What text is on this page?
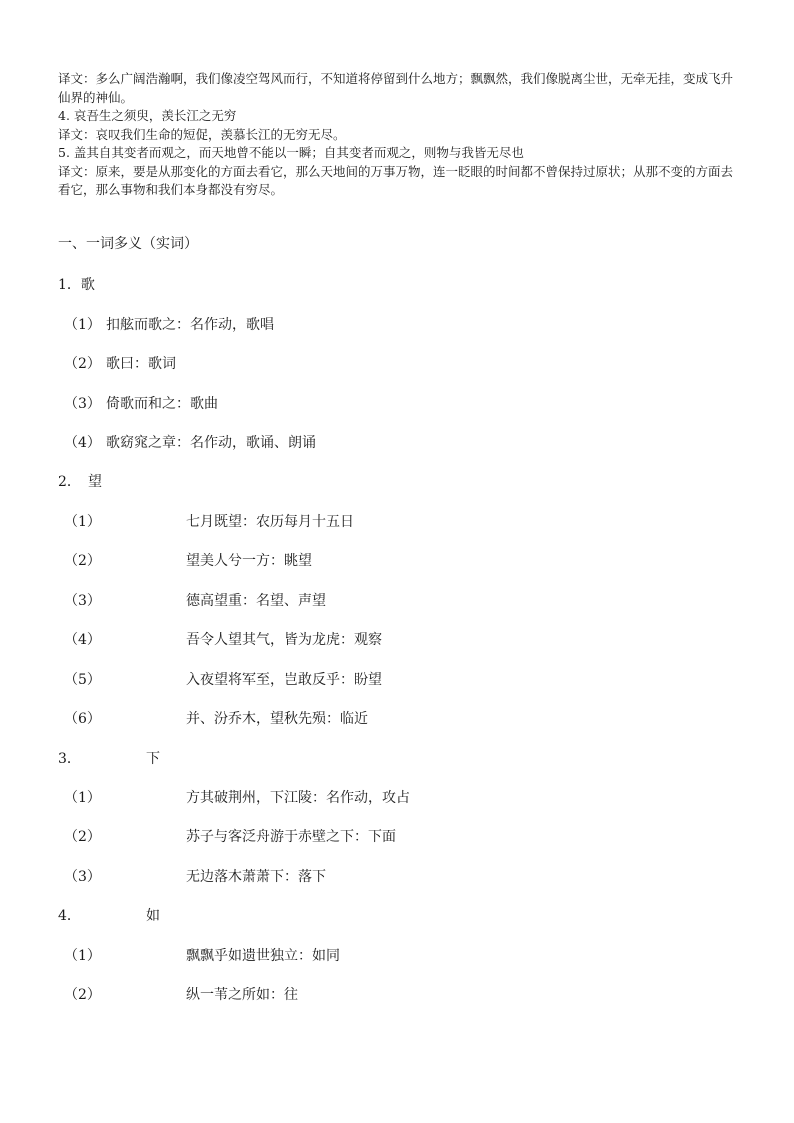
译文：多么广阔浩瀚啊，我们像凌空驾风而行，不知道将停留到什么地方；飘飘然，我们像脱离尘世，无牵无挂，变成飞升仙界的神仙。

4. 哀吾生之须臾，羡长江之无穷

译文：哀叹我们生命的短促，羡慕长江的无穷无尽。

5. 盖其自其变者而观之，而天地曾不能以一瞬；自其变者而观之，则物与我皆无尽也

译文：原来，要是从那变化的方面去看它，那么天地间的万事万物，连一眨眼的时间都不曾保持过原状；从那不变的方面去看它，那么事物和我们本身都没有穷尽。

一、一词多义（实词）
1．歌
（1） 扣舷而歌之：名作动，歌唱
（2） 歌曰：歌词
（3） 倚歌而和之：歌曲
（4） 歌窈窕之章：名作动，歌诵、朗诵
2． 望
（1）	七月既望：农历每月十五日
（2）	望美人兮一方：眺望
（3）	德高望重：名望、声望
（4）	吾令人望其气，皆为龙虎：观察
（5）	入夜望将军至，岂敢反乎：盼望
（6）	并、汾乔木，望秋先殒：临近
3．	下
（1）	方其破荆州，下江陵：名作动，攻占
（2）	苏子与客泛舟游于赤壁之下：下面
（3）	无边落木萧萧下：落下
4．	如
（1）	飘飘乎如遗世独立：如同
（2）	纵一苇之所如：往
